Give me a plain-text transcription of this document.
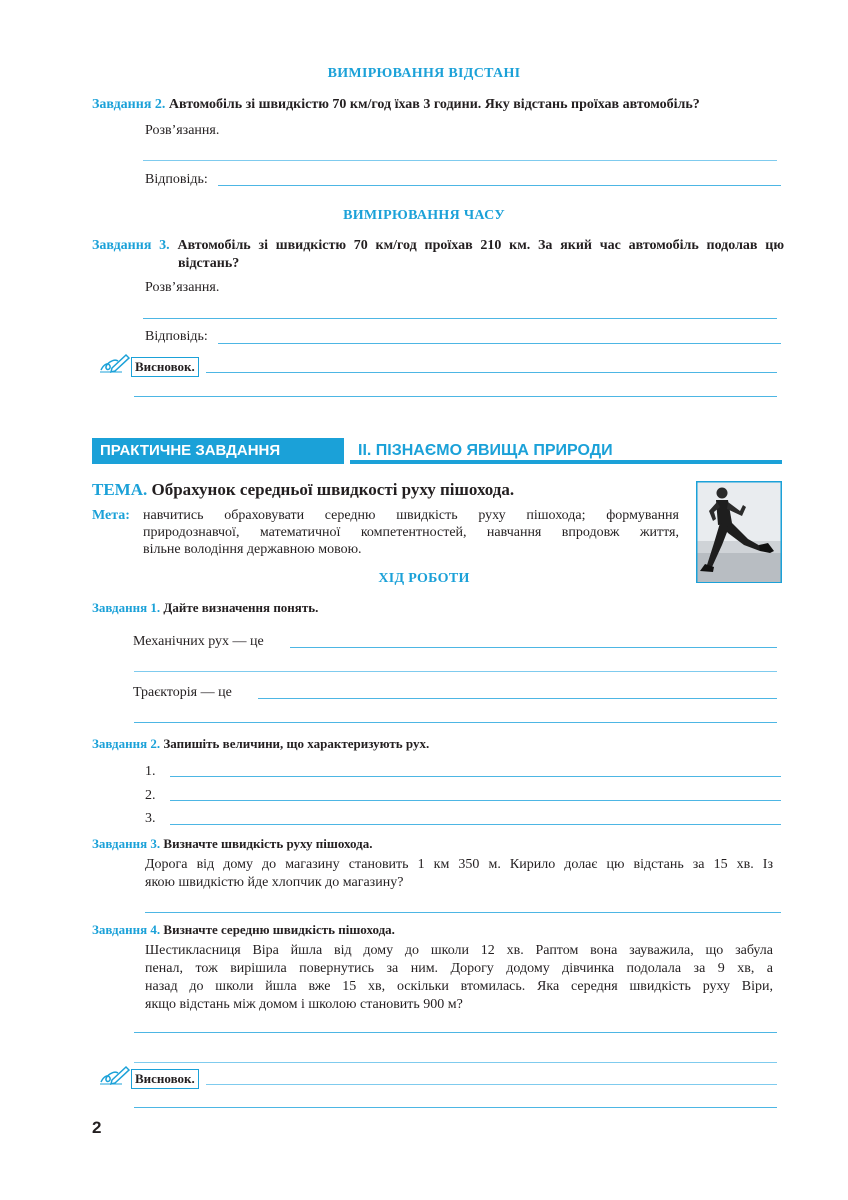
ВИМІРЮВАННЯ ВІДСТАНІ
Завдання 2. Автомобіль зі швидкістю 70 км/год їхав 3 години. Яку відстань проїхав автомобіль?
Розв’язання.
Відповідь:
ВИМІРЮВАННЯ ЧАСУ
Завдання 3. Автомобіль зі швидкістю 70 км/год проїхав 210 км. За який час автомобіль подолав цю
відстань?
Розв’язання.
Відповідь:
Висновок.
ПРАКТИЧНЕ ЗАВДАННЯ	ІІ. ПІЗНАЄМО ЯВИЩА ПРИРОДИ
ТЕМА. Обрахунок середньої швидкості руху пішохода.
Мета: навчитись обраховувати середню швидкість руху пішохода; формування
природознавчої, математичної компетентностей, навчання впродовж життя,
вільне володіння державною мовою.
ХІД РОБОТИ
Завдання 1. Дайте визначення понять.
Механічних рух — це
Траєкторія — це
Завдання 2. Запишіть величини, що характеризують рух.
1.
2.
3.
Завдання 3. Визначте швидкість руху пішохода.
Дорога від дому до магазину становить 1 км 350 м. Кирило долає цю відстань за 15 хв. Із
якою швидкістю йде хлопчик до магазину?
Завдання 4. Визначте середню швидкість пішохода.
Шестикласниця Віра йшла від дому до школи 12 хв. Раптом вона зауважила, що забула
пенал, тож вирішила повернутись за ним. Дорогу додому дівчинка подолала за 9 хв, а
назад до школи йшла вже 15 хв, оскільки втомилась. Яка середня швидкість руху Віри,
якщо відстань між домом і школою становить 900 м?
Висновок.
2
